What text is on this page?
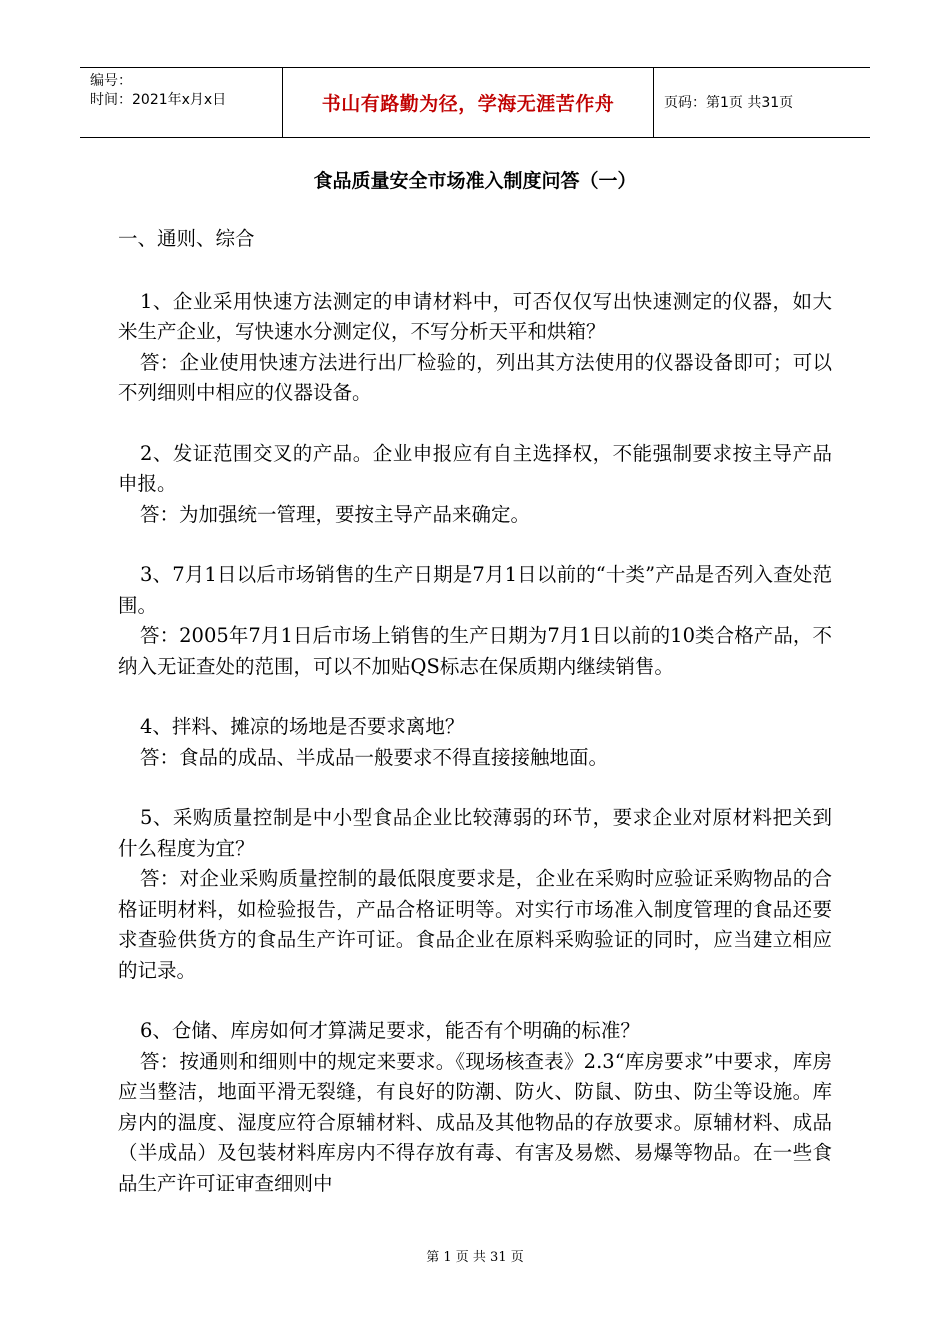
编号：
时间：2021年x月x日	书山有路勤为径，学海无涯苦作舟	页码：第1页 共31页
食品质量安全市场准入制度问答（一）
一、通则、综合

1、企业采用快速方法测定的申请材料中，可否仅仅写出快速测定的仪器，如大米生产企业，写快速水分测定仪，不写分析天平和烘箱？

答：企业使用快速方法进行出厂检验的，列出其方法使用的仪器设备即可；可以不列细则中相应的仪器设备。

2、发证范围交叉的产品。企业申报应有自主选择权，不能强制要求按主导产品申报。

答：为加强统一管理，要按主导产品来确定。

3、7月1日以后市场销售的生产日期是7月1日以前的“十类”产品是否列入查处范围。

答：2005年7月1日后市场上销售的生产日期为7月1日以前的10类合格产品，不纳入无证查处的范围，可以不加贴QS标志在保质期内继续销售。

4、拌料、摊凉的场地是否要求离地？

答：食品的成品、半成品一般要求不得直接接触地面。

5、采购质量控制是中小型食品企业比较薄弱的环节，要求企业对原材料把关到什么程度为宜？

答：对企业采购质量控制的最低限度要求是，企业在采购时应验证采购物品的合格证明材料，如检验报告，产品合格证明等。对实行市场准入制度管理的食品还要求查验供货方的食品生产许可证。食品企业在原料采购验证的同时，应当建立相应的记录。

6、仓储、库房如何才算满足要求，能否有个明确的标准？

答：按通则和细则中的规定来要求。《现场核查表》2.3“库房要求”中要求，库房应当整洁，地面平滑无裂缝，有良好的防潮、防火、防鼠、防虫、防尘等设施。库房内的温度、湿度应符合原辅材料、成品及其他物品的存放要求。原辅材料、成品（半成品）及包装材料库房内不得存放有毒、有害及易燃、易爆等物品。在一些食品生产许可证审查细则中

第 1 页 共 31 页
